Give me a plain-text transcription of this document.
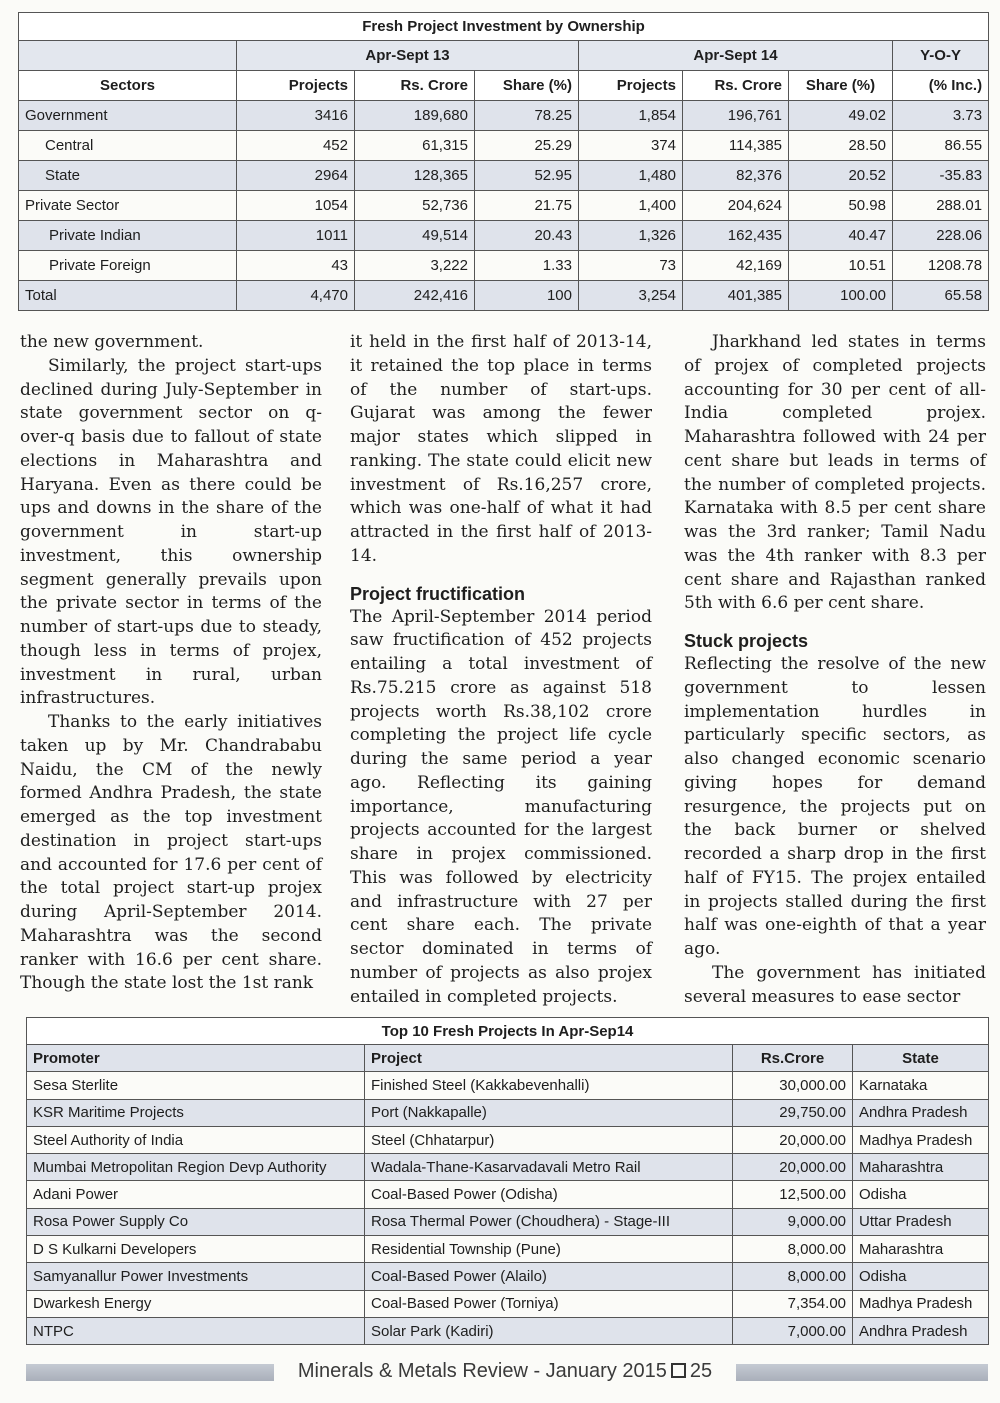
Fresh Project Investment by Ownership							
	Apr-Sept 13			Apr-Sept 14			Y-O-Y
Sectors	Projects	Rs. Crore	Share (%)	Projects	Rs. Crore	Share (%)	(% Inc.)
Government	3416	189,680	78.25	1,854	196,761	49.02	3.73
Central	452	61,315	25.29	374	114,385	28.50	86.55
State	2964	128,365	52.95	1,480	82,376	20.52	-35.83
Private Sector	1054	52,736	21.75	1,400	204,624	50.98	288.01
Private Indian	1011	49,514	20.43	1,326	162,435	40.47	228.06
Private Foreign	43	3,222	1.33	73	42,169	10.51	1208.78
Total	4,470	242,416	100	3,254	401,385	100.00	65.58

the new government.

Similarly, the project start-ups declined during July-September in state government sector on q-over-q basis due to fallout of state elections in Maharashtra and Haryana. Even as there could be ups and downs in the share of the government in start-up investment, this ownership segment generally prevails upon the private sector in terms of the number of start-ups due to steady, though less in terms of projex, investment in rural, urban infrastructures.

Thanks to the early initiatives taken up by Mr. Chandrababu Naidu, the CM of the newly formed Andhra Pradesh, the state emerged as the top investment destination in project start-ups and accounted for 17.6 per cent of the total project start-up projex during April-September 2014. Maharashtra was the second ranker with 16.6 per cent share. Though the state lost the 1st rank

it held in the first half of 2013-14, it retained the top place in terms of the number of start-ups. Gujarat was among the fewer major states which slipped in ranking. The state could elicit new investment of Rs.16,257 crore, which was one-half of what it had attracted in the first half of 2013-14.

Project fructification

The April-September 2014 period saw fructification of 452 projects entailing a total investment of Rs.75.215 crore as against 518 projects worth Rs.38,102 crore completing the project life cycle during the same period a year ago. Reflecting its gaining importance, manufacturing projects accounted for the largest share in projex commissioned. This was followed by electricity and infrastructure with 27 per cent share each. The private sector dominated in terms of number of projects as also projex entailed in completed projects.

Jharkhand led states in terms of projex of completed projects accounting for 30 per cent of all-India completed projex. Maharashtra followed with 24 per cent share but leads in terms of the number of completed projects. Karnataka with 8.5 per cent share was the 3rd ranker; Tamil Nadu was the 4th ranker with 8.3 per cent share and Rajasthan ranked 5th with 6.6 per cent share.

Stuck projects

Reflecting the resolve of the new government to lessen implementation hurdles in particularly specific sectors, as also changed economic scenario giving hopes for demand resurgence, the projects put on the back burner or shelved recorded a sharp drop in the first half of FY15. The projex entailed in projects stalled during the first half was one-eighth of that a year ago.

The government has initiated several measures to ease sector

Top 10 Fresh Projects In Apr-Sep14			
Promoter	Project	Rs.Crore	State
Sesa Sterlite	Finished Steel (Kakkabevenhalli)	30,000.00	Karnataka
KSR Maritime Projects	Port (Nakkapalle)	29,750.00	Andhra Pradesh
Steel Authority of India	Steel (Chhatarpur)	20,000.00	Madhya Pradesh
Mumbai Metropolitan Region Devp Authority	Wadala-Thane-Kasarvadavali Metro Rail	20,000.00	Maharashtra
Adani Power	Coal-Based Power (Odisha)	12,500.00	Odisha
Rosa Power Supply Co	Rosa Thermal Power (Choudhera) - Stage-III	9,000.00	Uttar Pradesh
D S Kulkarni Developers	Residential Township (Pune)	8,000.00	Maharashtra
Samyanallur Power Investments	Coal-Based Power (Alailo)	8,000.00	Odisha
Dwarkesh Energy	Coal-Based Power (Torniya)	7,354.00	Madhya Pradesh
NTPC	Solar Park (Kadiri)	7,000.00	Andhra Pradesh
Minerals & Metals Review - January 2015 25
